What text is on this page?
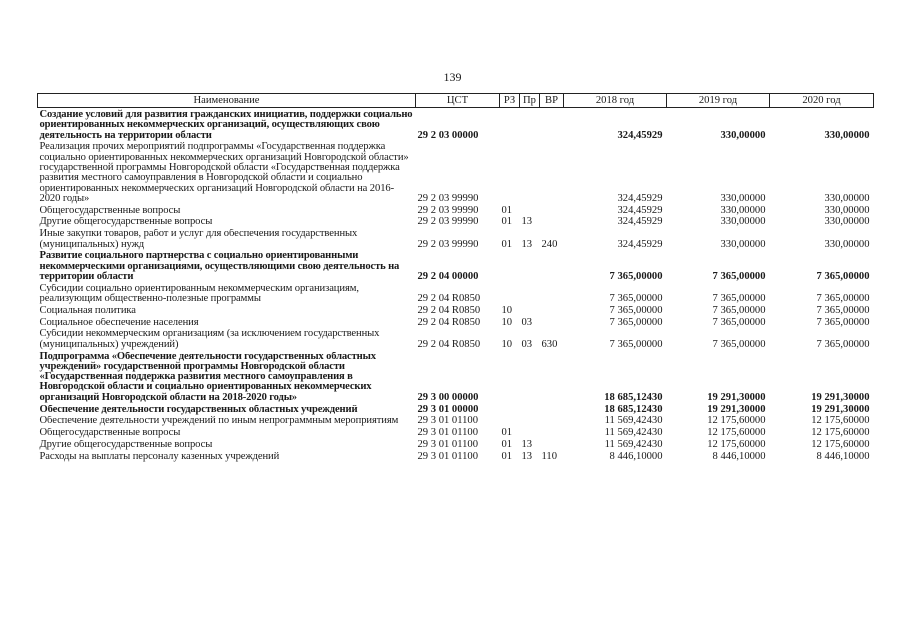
139
Наименование	ЦСТ	РЗ	Пр	ВР	2018 год	2019 год	2020 год
Создание условий для развития гражданских инициатив, поддержки социально ориентированных некоммерческих организаций, осуществляющих свою деятельность на территории области	29 2 03 00000				324,45929	330,00000	330,00000
Реализация прочих мероприятий подпрограммы «Государственная поддержка социально ориентированных некоммерческих организаций Новгородской области» государственной программы Новгородской области «Государственная поддержка развития местного самоуправления в Новгородской области и социально ориентированных некоммерческих организаций Новгородской области на 2016-2020 годы»	29 2 03 99990				324,45929	330,00000	330,00000
Общегосударственные вопросы	29 2 03 99990	01			324,45929	330,00000	330,00000
Другие общегосударственные вопросы	29 2 03 99990	01	13		324,45929	330,00000	330,00000
Иные закупки товаров, работ и услуг для обеспечения государственных (муниципальных) нужд	29 2 03 99990	01	13	240	324,45929	330,00000	330,00000
Развитие социального партнерства с социально ориентированными некоммерческими организациями, осуществляющими свою деятельность на территории области	29 2 04 00000				7 365,00000	7 365,00000	7 365,00000
Субсидии социально ориентированным некоммерческим организациям, реализующим общественно-полезные программы	29 2 04 R0850				7 365,00000	7 365,00000	7 365,00000
Социальная политика	29 2 04 R0850	10			7 365,00000	7 365,00000	7 365,00000
Социальное обеспечение населения	29 2 04 R0850	10	03		7 365,00000	7 365,00000	7 365,00000
Субсидии некоммерческим организациям (за исключением государственных (муниципальных) учреждений)	29 2 04 R0850	10	03	630	7 365,00000	7 365,00000	7 365,00000
Подпрограмма «Обеспечение деятельности государственных областных учреждений» государственной программы Новгородской области «Государственная поддержка развития местного самоуправления в Новгородской области и социально ориентированных некоммерческих организаций Новгородской области на 2018-2020 годы»	29 3 00 00000				18 685,12430	19 291,30000	19 291,30000
Обеспечение деятельности государственных областных учреждений	29 3 01 00000				18 685,12430	19 291,30000	19 291,30000
Обеспечение деятельности учреждений по иным непрограммным мероприятиям	29 3 01 01100				11 569,42430	12 175,60000	12 175,60000
Общегосударственные вопросы	29 3 01 01100	01			11 569,42430	12 175,60000	12 175,60000
Другие общегосударственные вопросы	29 3 01 01100	01	13		11 569,42430	12 175,60000	12 175,60000
Расходы на выплаты персоналу казенных учреждений	29 3 01 01100	01	13	110	8 446,10000	8 446,10000	8 446,10000
